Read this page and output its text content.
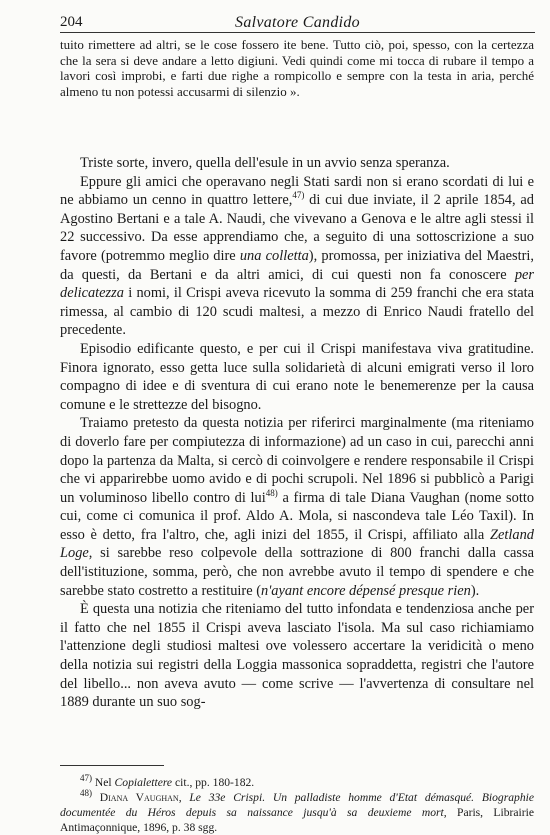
204	Salvatore Candido

tuito rimettere ad altri, se le cose fossero ite bene. Tutto ciò, poi, spesso, con la certezza che la sera si deve andare a letto digiuni. Vedi quindi come mi tocca di rubare il tempo a lavori così improbi, e farti due righe a rompicollo e sempre con la testa in aria, perché almeno tu non potessi accusarmi di silenzio ».

Triste sorte, invero, quella dell'esule in un avvio senza speranza.

Eppure gli amici che operavano negli Stati sardi non si erano scordati di lui e ne abbiamo un cenno in quattro lettere,$^{47)}$ di cui due inviate, il 2 aprile 1854, ad Agostino Bertani e a tale A. Naudi, che vivevano a Genova e le altre agli stessi il 22 successivo. Da esse apprendiamo che, a seguito di una sottoscrizione a suo favore (potremmo meglio dire una colletta), promossa, per iniziativa del Maestri, da questi, da Bertani e da altri amici, di cui questi non fa conoscere per delicatezza i nomi, il Crispi aveva ricevuto la somma di 259 franchi che era stata rimessa, al cambio di 120 scudi maltesi, a mezzo di Enrico Naudi fratello del precedente.

Episodio edificante questo, e per cui il Crispi manifestava viva gratitudine. Finora ignorato, esso getta luce sulla solidarietà di alcuni emigrati verso il loro compagno di idee e di sventura di cui erano note le benemerenze per la causa comune e le strettezze del bisogno.

Traiamo pretesto da questa notizia per riferirci marginalmente (ma riteniamo di doverlo fare per compiutezza di informazione) ad un caso in cui, parecchi anni dopo la partenza da Malta, si cercò di coinvolgere e rendere responsabile il Crispi che vi apparirebbe uomo avido e di pochi scrupoli. Nel 1896 si pubblicò a Parigi un voluminoso libello contro di lui$^{48)}$ a firma di tale Diana Vaughan (nome sotto cui, come ci comunica il prof. Aldo A. Mola, si nascondeva tale Léo Taxil). In esso è detto, fra l'altro, che, agli inizi del 1855, il Crispi, affiliato alla Zetland Loge, si sarebbe reso colpevole della sottrazione di 800 franchi dalla cassa dell'istituzione, somma, però, che non avrebbe avuto il tempo di spendere e che sarebbe stato costretto a restituire (n'ayant encore dépensé presque rien).

È questa una notizia che riteniamo del tutto infondata e tendenziosa anche per il fatto che nel 1855 il Crispi aveva lasciato l'isola. Ma sul caso richiamiamo l'attenzione degli studiosi maltesi ove volessero accertare la veridicità o meno della notizia sui registri della Loggia massonica sopraddetta, registri che l'autore del libello... non aveva avuto — come scrive — l'avvertenza di consultare nel 1889 durante un suo sog-

$^{47)}$ Nel Copialettere cit., pp. 180-182.

$^{48)}$ Diana Vaughan, Le 33e Crispi. Un palladiste homme d'Etat démasqué. Biographie documentée du Héros depuis sa naissance jusqu'à sa deuxieme mort, Paris, Librairie Antimaçonnique, 1896, p. 38 sgg.
